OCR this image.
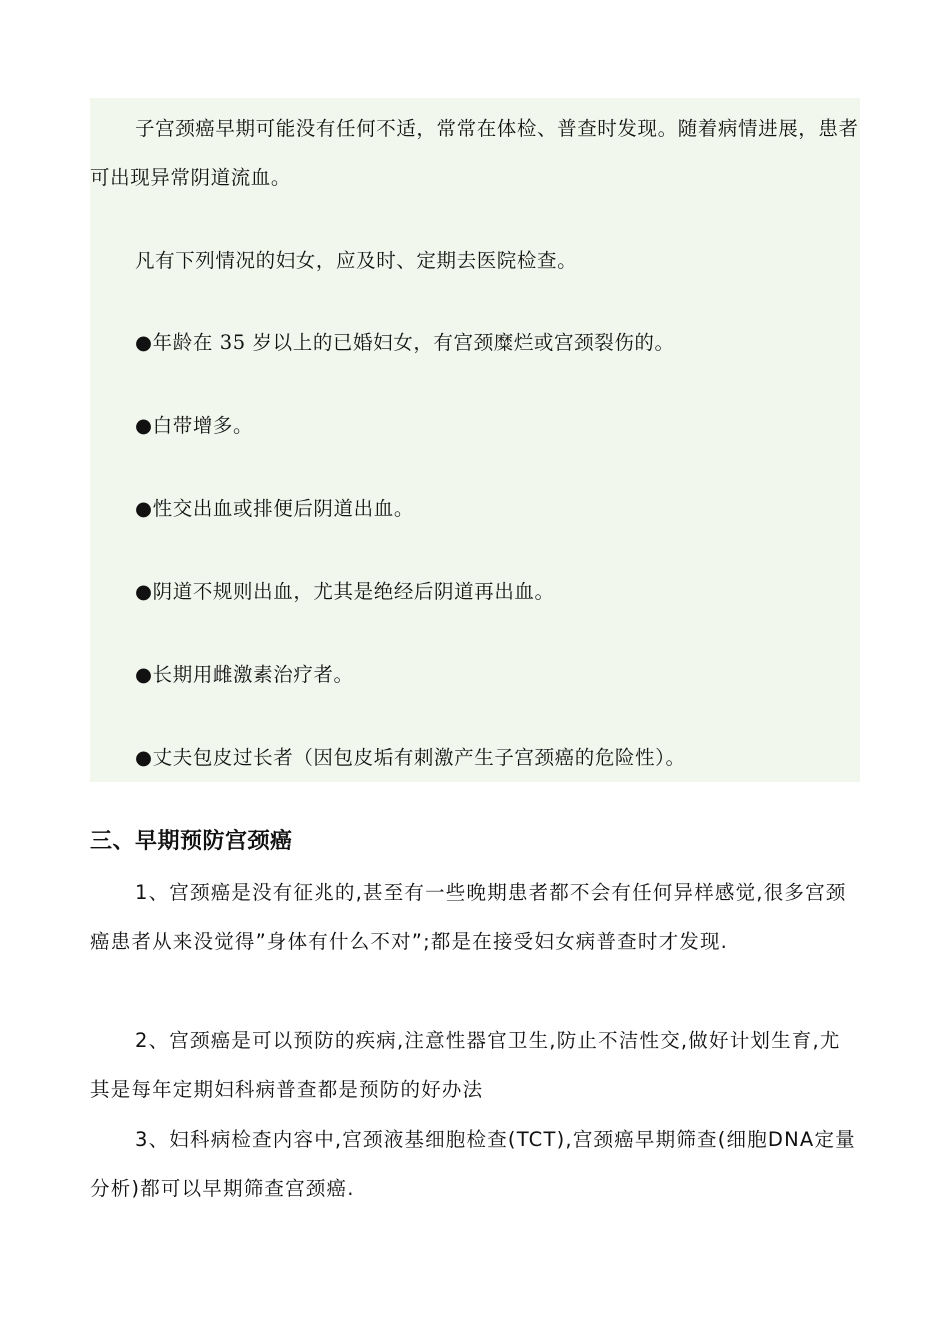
子宫颈癌早期可能没有任何不适，常常在体检、普查时发现。随着病情进展，患者可出现异常阴道流血。

凡有下列情况的妇女，应及时、定期去医院检查。

●年龄在 35 岁以上的已婚妇女，有宫颈糜烂或宫颈裂伤的。

●白带增多。

●性交出血或排便后阴道出血。

●阴道不规则出血，尤其是绝经后阴道再出血。

●长期用雌激素治疗者。

●丈夫包皮过长者（因包皮垢有刺激产生子宫颈癌的危险性）。

三、早期预防宫颈癌

1、宫颈癌是没有征兆的,甚至有一些晚期患者都不会有任何异样感觉,很多宫颈癌患者从来没觉得”身体有什么不对”;都是在接受妇女病普查时才发现.

2、宫颈癌是可以预防的疾病,注意性器官卫生,防止不洁性交,做好计划生育,尤其是每年定期妇科病普查都是预防的好办法

3、妇科病检查内容中,宫颈液基细胞检查(TCT),宫颈癌早期筛查(细胞DNA定量分析)都可以早期筛查宫颈癌.
